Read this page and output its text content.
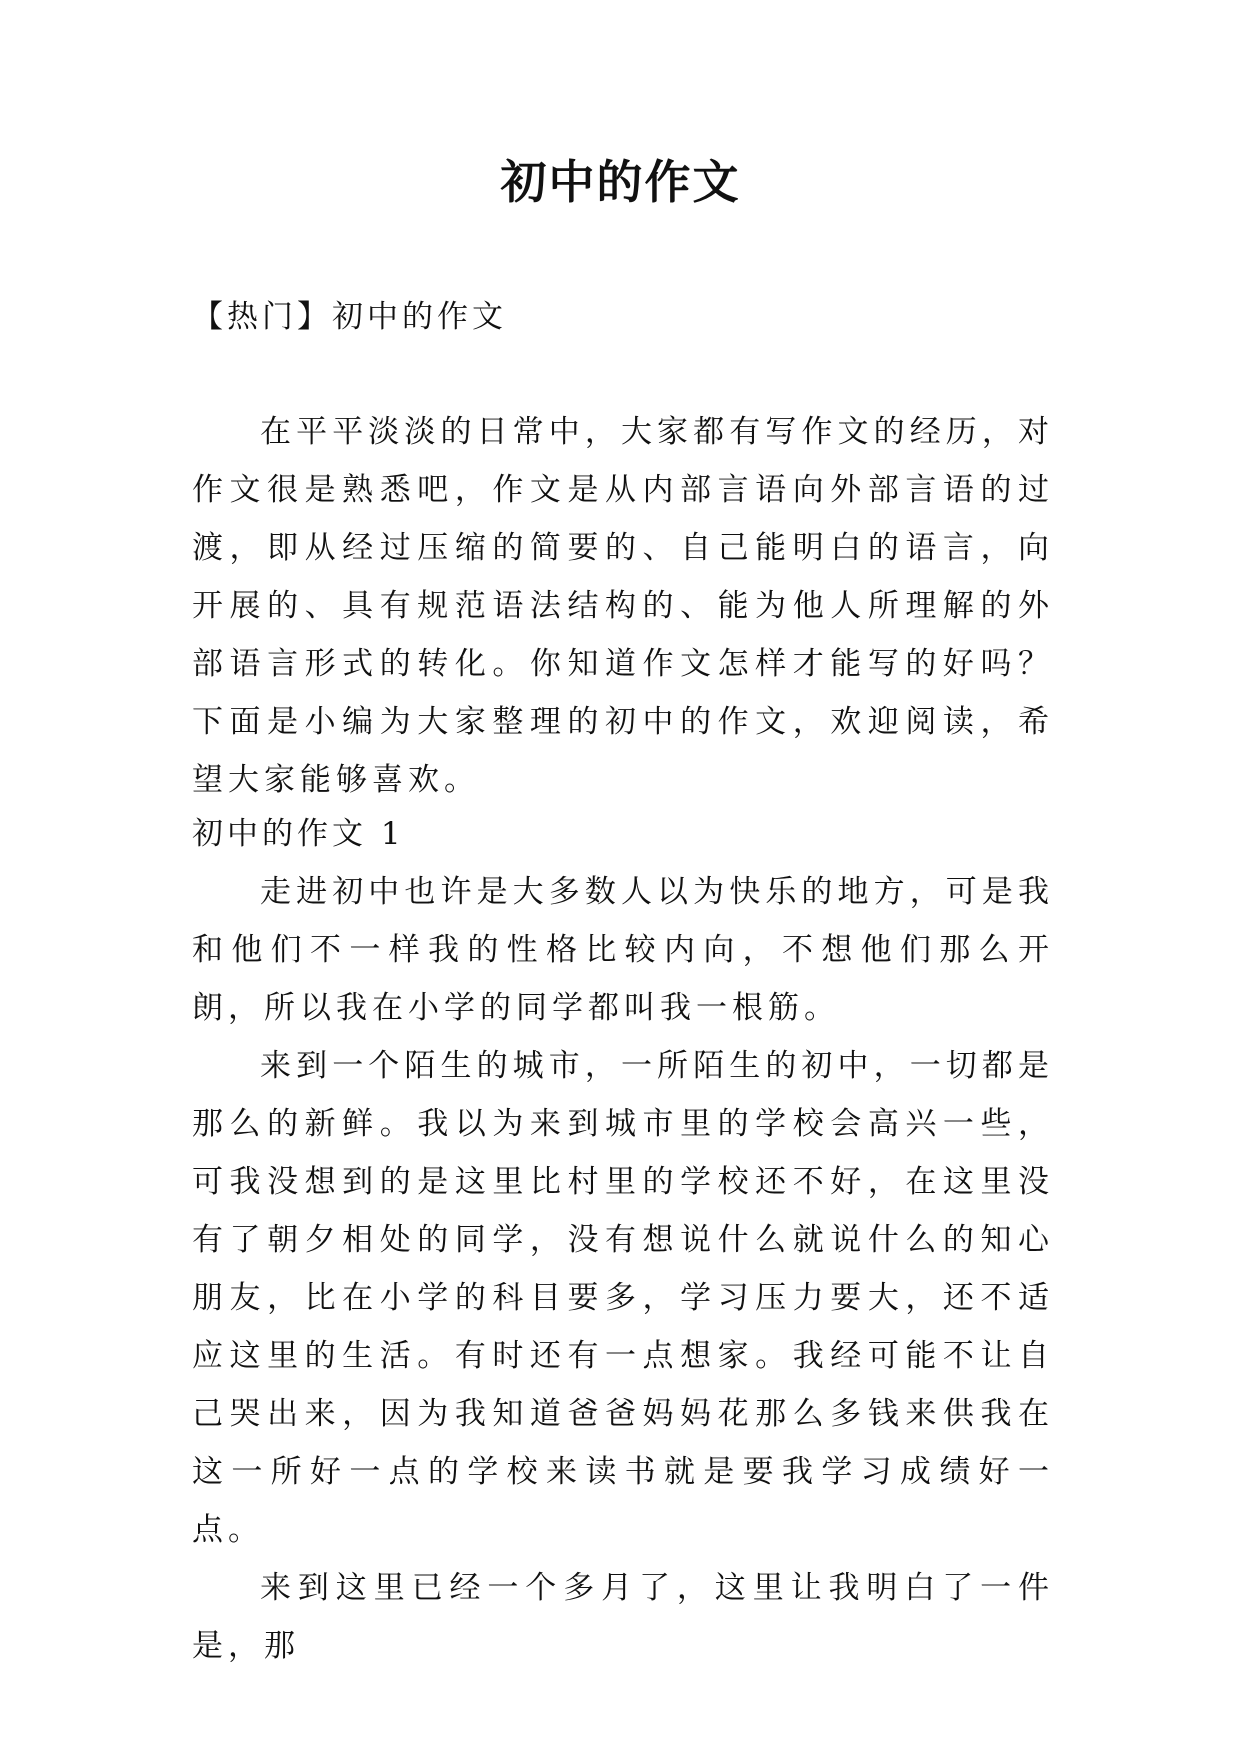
初中的作文

【热门】初中的作文

在平平淡淡的日常中，大家都有写作文的经历，对作文很是熟悉吧，作文是从内部言语向外部言语的过渡，即从经过压缩的简要的、自己能明白的语言，向开展的、具有规范语法结构的、能为他人所理解的外部语言形式的转化。你知道作文怎样才能写的好吗？下面是小编为大家整理的初中的作文，欢迎阅读，希望大家能够喜欢。

初中的作文 1

走进初中也许是大多数人以为快乐的地方，可是我和他们不一样我的性格比较内向，不想他们那么开朗，所以我在小学的同学都叫我一根筋。

来到一个陌生的城市，一所陌生的初中，一切都是那么的新鲜。我以为来到城市里的学校会高兴一些，可我没想到的是这里比村里的学校还不好，在这里没有了朝夕相处的同学，没有想说什么就说什么的知心朋友，比在小学的科目要多，学习压力要大，还不适应这里的生活。有时还有一点想家。我经可能不让自己哭出来，因为我知道爸爸妈妈花那么多钱来供我在这一所好一点的学校来读书就是要我学习成绩好一点。

来到这里已经一个多月了，这里让我明白了一件是，那
